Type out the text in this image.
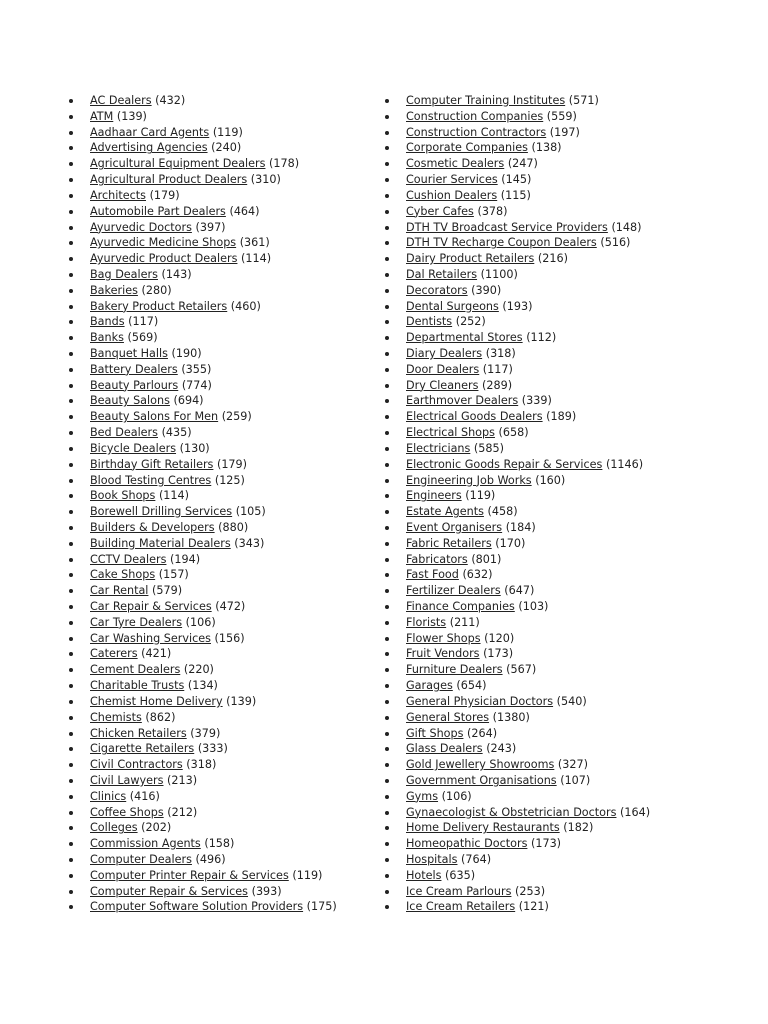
AC Dealers (432)
ATM (139)
Aadhaar Card Agents (119)
Advertising Agencies (240)
Agricultural Equipment Dealers (178)
Agricultural Product Dealers (310)
Architects (179)
Automobile Part Dealers (464)
Ayurvedic Doctors (397)
Ayurvedic Medicine Shops (361)
Ayurvedic Product Dealers (114)
Bag Dealers (143)
Bakeries (280)
Bakery Product Retailers (460)
Bands (117)
Banks (569)
Banquet Halls (190)
Battery Dealers (355)
Beauty Parlours (774)
Beauty Salons (694)
Beauty Salons For Men (259)
Bed Dealers (435)
Bicycle Dealers (130)
Birthday Gift Retailers (179)
Blood Testing Centres (125)
Book Shops (114)
Borewell Drilling Services (105)
Builders & Developers (880)
Building Material Dealers (343)
CCTV Dealers (194)
Cake Shops (157)
Car Rental (579)
Car Repair & Services (472)
Car Tyre Dealers (106)
Car Washing Services (156)
Caterers (421)
Cement Dealers (220)
Charitable Trusts (134)
Chemist Home Delivery (139)
Chemists (862)
Chicken Retailers (379)
Cigarette Retailers (333)
Civil Contractors (318)
Civil Lawyers (213)
Clinics (416)
Coffee Shops (212)
Colleges (202)
Commission Agents (158)
Computer Dealers (496)
Computer Printer Repair & Services (119)
Computer Repair & Services (393)
Computer Software Solution Providers (175)
Computer Training Institutes (571)
Construction Companies (559)
Construction Contractors (197)
Corporate Companies (138)
Cosmetic Dealers (247)
Courier Services (145)
Cushion Dealers (115)
Cyber Cafes (378)
DTH TV Broadcast Service Providers (148)
DTH TV Recharge Coupon Dealers (516)
Dairy Product Retailers (216)
Dal Retailers (1100)
Decorators (390)
Dental Surgeons (193)
Dentists (252)
Departmental Stores (112)
Diary Dealers (318)
Door Dealers (117)
Dry Cleaners (289)
Earthmover Dealers (339)
Electrical Goods Dealers (189)
Electrical Shops (658)
Electricians (585)
Electronic Goods Repair & Services (1146)
Engineering Job Works (160)
Engineers (119)
Estate Agents (458)
Event Organisers (184)
Fabric Retailers (170)
Fabricators (801)
Fast Food (632)
Fertilizer Dealers (647)
Finance Companies (103)
Florists (211)
Flower Shops (120)
Fruit Vendors (173)
Furniture Dealers (567)
Garages (654)
General Physician Doctors (540)
General Stores (1380)
Gift Shops (264)
Glass Dealers (243)
Gold Jewellery Showrooms (327)
Government Organisations (107)
Gyms (106)
Gynaecologist & Obstetrician Doctors (164)
Home Delivery Restaurants (182)
Homeopathic Doctors (173)
Hospitals (764)
Hotels (635)
Ice Cream Parlours (253)
Ice Cream Retailers (121)
